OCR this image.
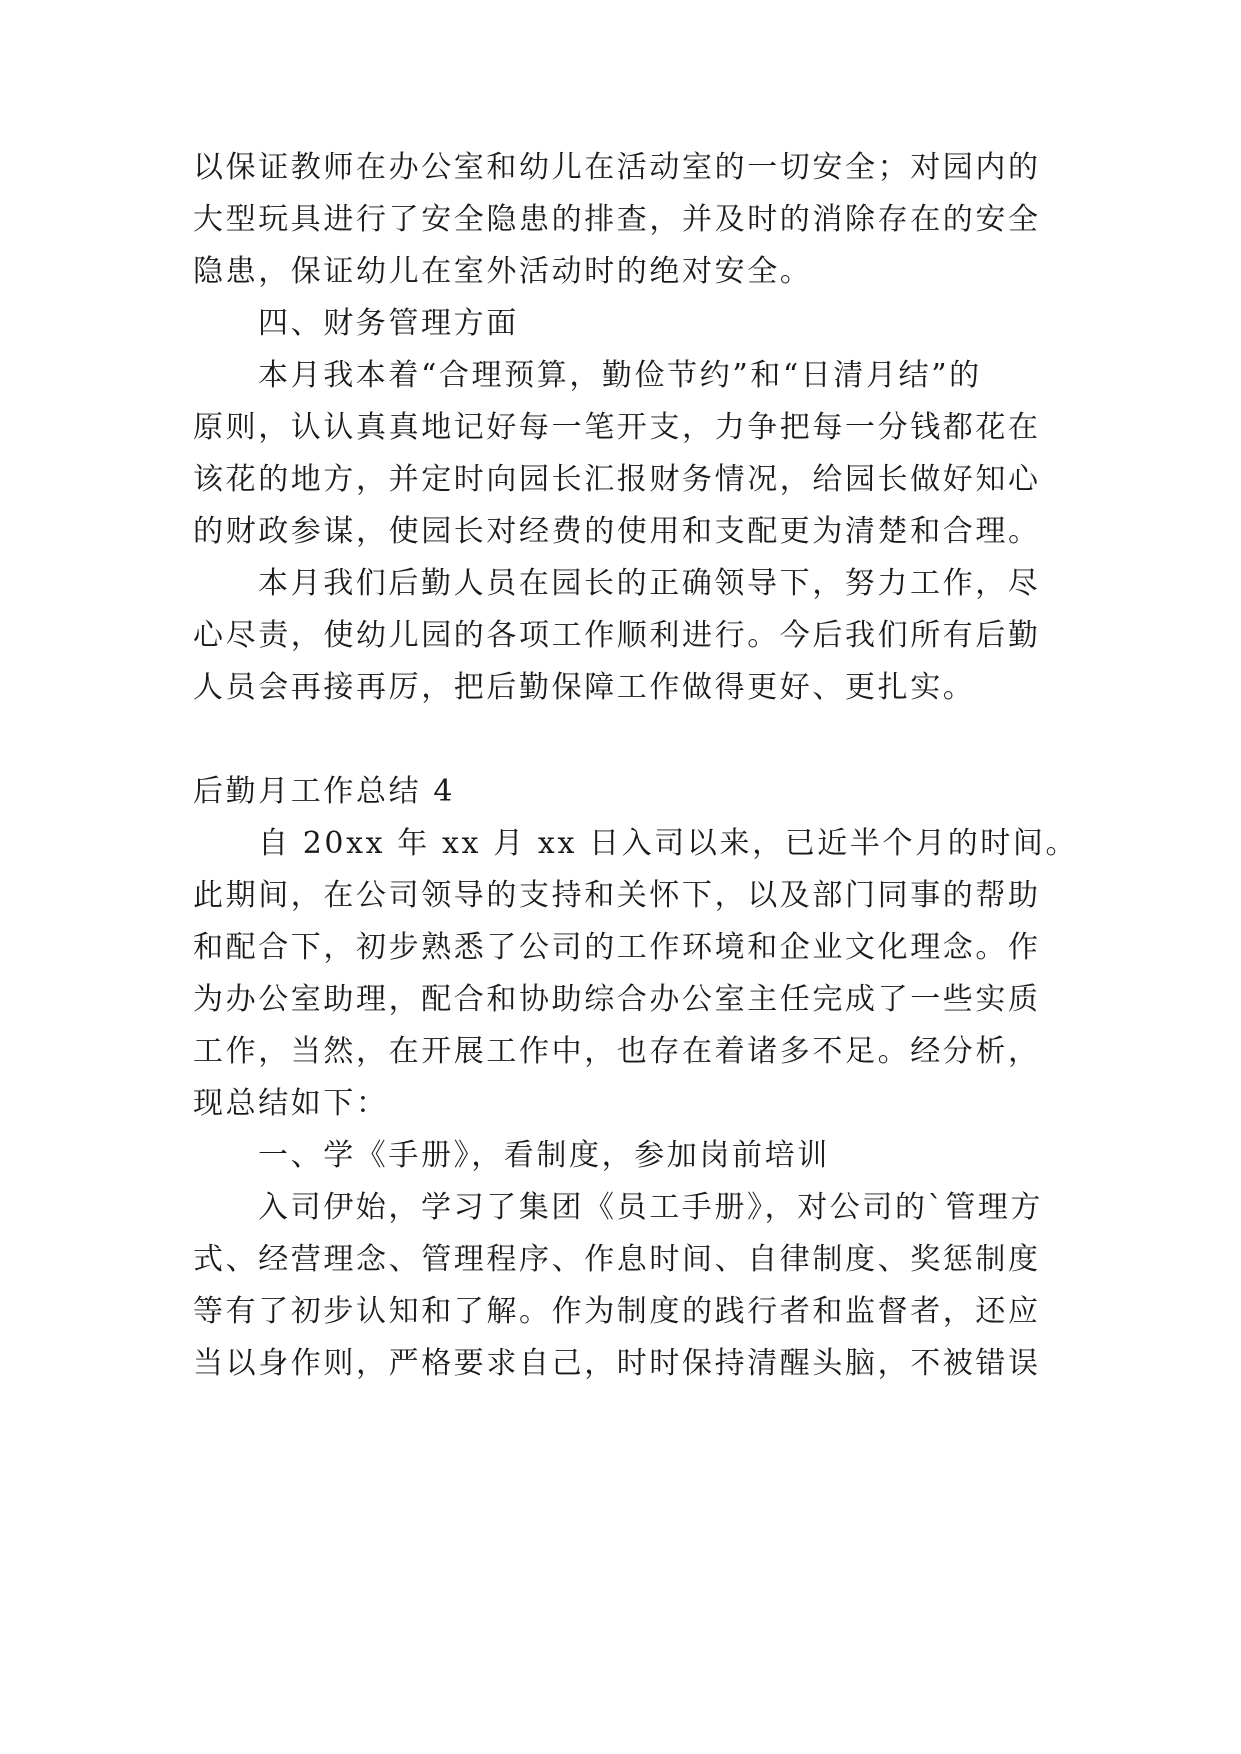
以保证教师在办公室和幼儿在活动室的一切安全；对园内的
大型玩具进行了安全隐患的排查，并及时的消除存在的安全
隐患，保证幼儿在室外活动时的绝对安全。
四、财务管理方面
本月我本着“合理预算，勤俭节约”和“日清月结”的
原则，认认真真地记好每一笔开支，力争把每一分钱都花在
该花的地方，并定时向园长汇报财务情况，给园长做好知心
的财政参谋，使园长对经费的使用和支配更为清楚和合理。
本月我们后勤人员在园长的正确领导下，努力工作，尽
心尽责，使幼儿园的各项工作顺利进行。今后我们所有后勤
人员会再接再厉，把后勤保障工作做得更好、更扎实。
后勤月工作总结 4
自 20xx 年 xx 月 xx 日入司以来，已近半个月的时间。
此期间，在公司领导的支持和关怀下，以及部门同事的帮助
和配合下，初步熟悉了公司的工作环境和企业文化理念。作
为办公室助理，配合和协助综合办公室主任完成了一些实质
工作，当然，在开展工作中，也存在着诸多不足。经分析，
现总结如下：
一、学《手册》，看制度，参加岗前培训
入司伊始，学习了集团《员工手册》，对公司的`管理方
式、经营理念、管理程序、作息时间、自律制度、奖惩制度
等有了初步认知和了解。作为制度的践行者和监督者，还应
当以身作则，严格要求自己，时时保持清醒头脑，不被错误
